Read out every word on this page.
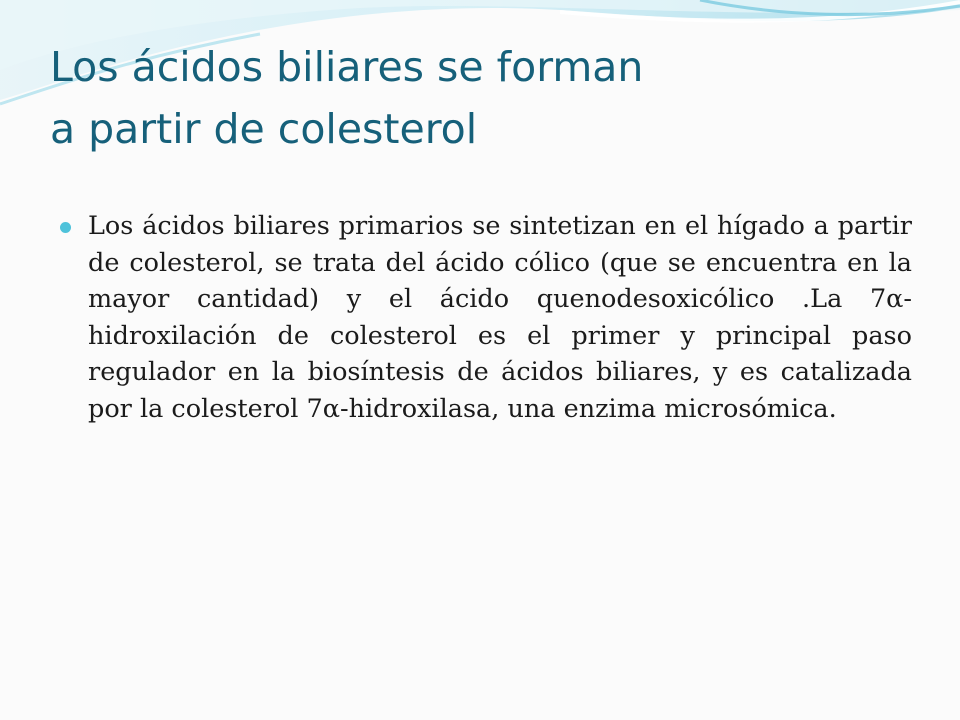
Los ácidos biliares se forman
a partir de colesterol
Los ácidos biliares primarios se sintetizan en el hígado a partir de colesterol, se trata del ácido cólico (que se encuentra en la mayor cantidad) y el ácido quenodesoxicólico .La 7α-hidroxilación de colesterol es el primer y principal paso regulador en la biosíntesis de ácidos biliares, y es catalizada por la colesterol 7α-hidroxilasa, una enzima microsómica.
